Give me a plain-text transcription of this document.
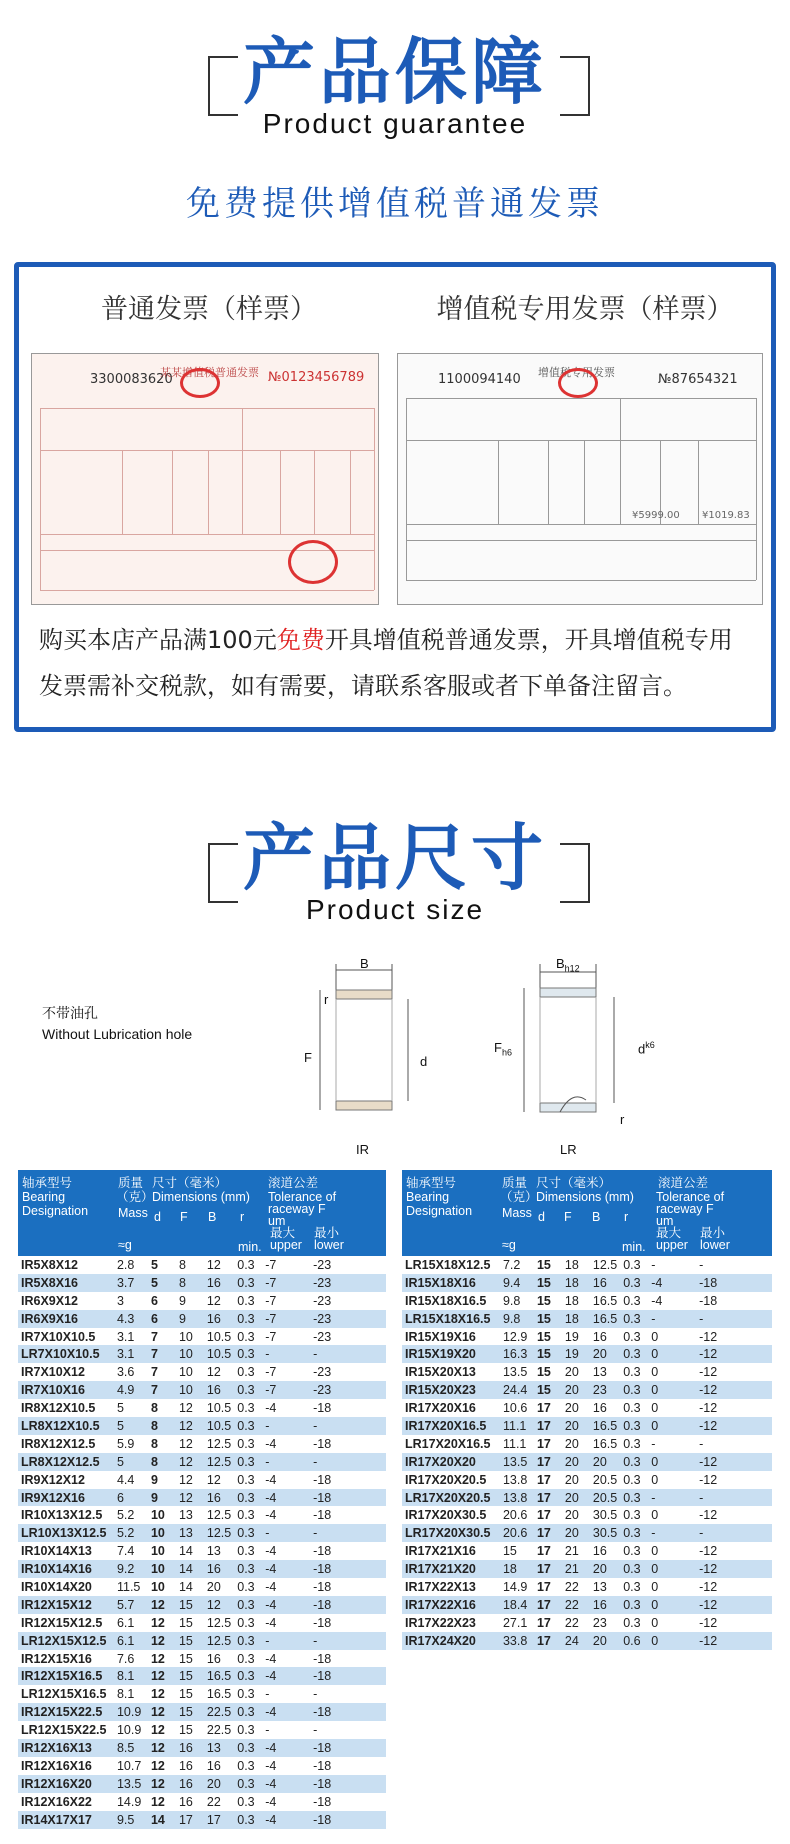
产品保障
Product guarantee
免费提供增值税普通发票
普通发票（样票）	增值税专用发票（样票）
3300083620
某某增值税普通发票 №0123456789	1100094140 增值税专用发票	№87654321
¥5999.00 ¥1019.83
购买本店产品满100元免费开具增值税普通发票，开具增值税专用发票需补交税款，如有需要，请联系客服或者下单备注留言。
产品尺寸
Product size
不带油孔
Without Lubrication hole
B
r
F	d
IR
$B_{h12}$
$F_{h6}$	$d^{k6}$
r
LR
轴承型号
Bearing
Designation
质量
（克）
Mass
≈g
尺寸（毫米）
Dimensions (mm)
d F B r
min.
滚道公差
Tolerance of
raceway F
um
最大
upper
最小
lower
IR5X8X12	2.8	5	8	12	0.3	-7	-23
IR5X8X16	3.7	5	8	16	0.3	-7	-23
IR6X9X12	3	6	9	12	0.3	-7	-23
IR6X9X16	4.3	6	9	16	0.3	-7	-23
IR7X10X10.5	3.1	7	10	10.5	0.3	-7	-23
LR7X10X10.5	3.1	7	10	10.5	0.3	-	-
IR7X10X12	3.6	7	10	12	0.3	-7	-23
IR7X10X16	4.9	7	10	16	0.3	-7	-23
IR8X12X10.5	5	8	12	10.5	0.3	-4	-18
LR8X12X10.5	5	8	12	10.5	0.3	-	-
IR8X12X12.5	5.9	8	12	12.5	0.3	-4	-18
LR8X12X12.5	5	8	12	12.5	0.3	-	-
IR9X12X12	4.4	9	12	12	0.3	-4	-18
IR9X12X16	6	9	12	16	0.3	-4	-18
IR10X13X12.5	5.2	10	13	12.5	0.3	-4	-18
LR10X13X12.5	5.2	10	13	12.5	0.3	-	-
IR10X14X13	7.4	10	14	13	0.3	-4	-18
IR10X14X16	9.2	10	14	16	0.3	-4	-18
IR10X14X20	11.5	10	14	20	0.3	-4	-18
IR12X15X12	5.7	12	15	12	0.3	-4	-18
IR12X15X12.5	6.1	12	15	12.5	0.3	-4	-18
LR12X15X12.5	6.1	12	15	12.5	0.3	-	-
IR12X15X16	7.6	12	15	16	0.3	-4	-18
IR12X15X16.5	8.1	12	15	16.5	0.3	-4	-18
LR12X15X16.5	8.1	12	15	16.5	0.3	-	-
IR12X15X22.5	10.9	12	15	22.5	0.3	-4	-18
LR12X15X22.5	10.9	12	15	22.5	0.3	-	-
IR12X16X13	8.5	12	16	13	0.3	-4	-18
IR12X16X16	10.7	12	16	16	0.3	-4	-18
IR12X16X20	13.5	12	16	20	0.3	-4	-18
IR12X16X22	14.9	12	16	22	0.3	-4	-18
IR14X17X17	9.5	14	17	17	0.3	-4	-18
轴承型号
Bearing
Designation
质量
（克）
Mass
≈g
尺寸（毫米）
Dimensions (mm)
d F B r
min.
滚道公差
Tolerance of
raceway F
um
最大
upper
最小
lower
LR15X18X12.5	7.2	15	18	12.5	0.3	-	-
IR15X18X16	9.4	15	18	16	0.3	-4	-18
IR15X18X16.5	9.8	15	18	16.5	0.3	-4	-18
LR15X18X16.5	9.8	15	18	16.5	0.3	-	-
IR15X19X16	12.9	15	19	16	0.3	0	-12
IR15X19X20	16.3	15	19	20	0.3	0	-12
IR15X20X13	13.5	15	20	13	0.3	0	-12
IR15X20X23	24.4	15	20	23	0.3	0	-12
IR17X20X16	10.6	17	20	16	0.3	0	-12
IR17X20X16.5	11.1	17	20	16.5	0.3	0	-12
LR17X20X16.5	11.1	17	20	16.5	0.3	-	-
IR17X20X20	13.5	17	20	20	0.3	0	-12
IR17X20X20.5	13.8	17	20	20.5	0.3	0	-12
LR17X20X20.5	13.8	17	20	20.5	0.3	-	-
IR17X20X30.5	20.6	17	20	30.5	0.3	0	-12
LR17X20X30.5	20.6	17	20	30.5	0.3	-	-
IR17X21X16	15	17	21	16	0.3	0	-12
IR17X21X20	18	17	21	20	0.3	0	-12
IR17X22X13	14.9	17	22	13	0.3	0	-12
IR17X22X16	18.4	17	22	16	0.3	0	-12
IR17X22X23	27.1	17	22	23	0.3	0	-12
IR17X24X20	33.8	17	24	20	0.6	0	-12
